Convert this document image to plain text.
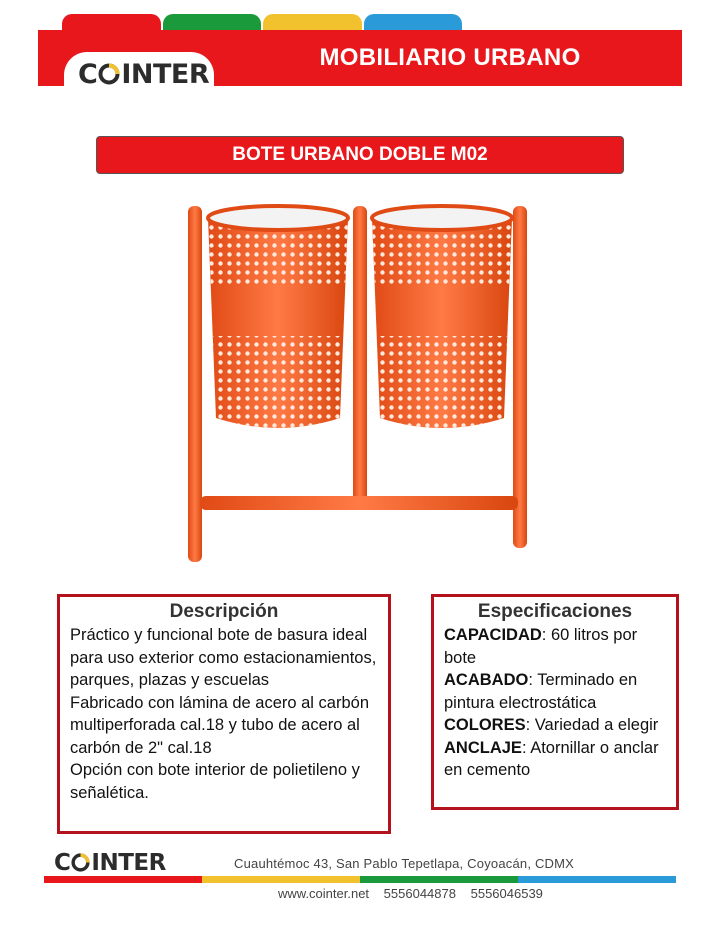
MOBILIARIO URBANO
C INTER
BOTE URBANO DOBLE M02
Descripción
Práctico y funcional bote de basura ideal para uso exterior como estacionamientos, parques, plazas y escuelas
Fabricado con lámina de acero al carbón multiperforada cal.18 y tubo de acero al carbón de 2" cal.18
Opción con bote interior de polietileno y señalética.
Especificaciones
CAPACIDAD: 60 litros por bote
ACABADO: Terminado en pintura electrostática
COLORES: Variedad a elegir
ANCLAJE: Atornillar o anclar en cemento
C INTER	Cuauhtémoc 43, San Pablo Tepetlapa, Coyoacán, CDMX
www.cointer.net 5556044878 5556046539
